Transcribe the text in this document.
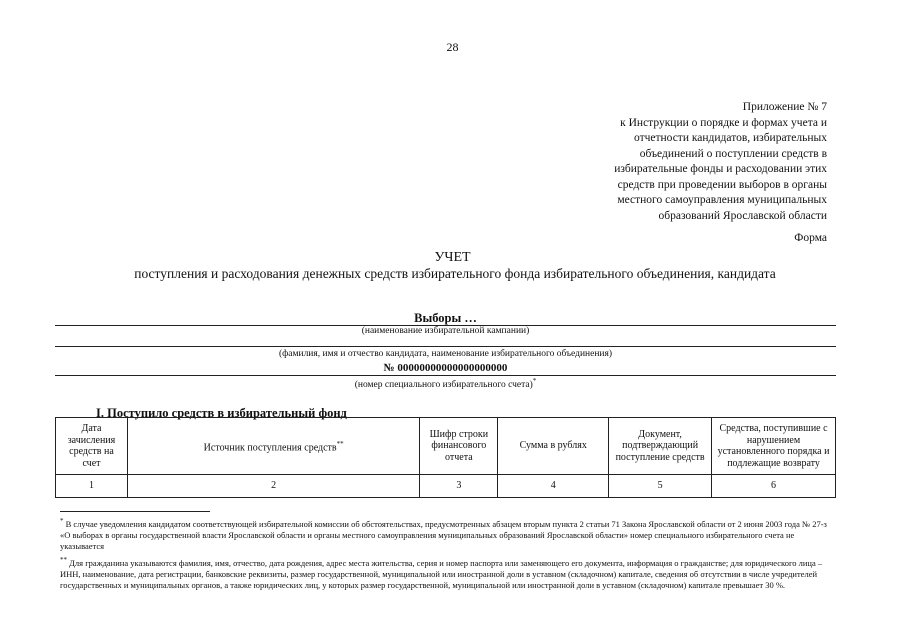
28
Приложение № 7
к Инструкции о порядке и формах учета и
отчетности кандидатов, избирательных
объединений о поступлении средств в
избирательные фонды и расходовании этих
средств при проведении выборов в органы
местного самоуправления муниципальных
образований Ярославской области
Форма
УЧЕТ
поступления и расходования денежных средств избирательного фонда избирательного объединения, кандидата
Выборы …
(наименование избирательной кампании)
(фамилия, имя и отчество кандидата, наименование избирательного объединения)
№ 00000000000000000000
(номер специального избирательного счета)*
I. Поступило средств в избирательный фонд
Дата зачисления средств на счет	Источник поступления средств**	Шифр строки финансового отчета	Сумма в рублях	Документ, подтверждающий поступление средств	Средства, поступившие с нарушением установленного порядка и подлежащие возврату
1	2	3	4	5	6
* В случае уведомления кандидатом соответствующей избирательной комиссии об обстоятельствах, предусмотренных абзацем вторым пункта 2 статьи 71 Закона Ярославской области от 2 июня 2003 года № 27-з «О выборах в органы государственной власти Ярославской области и органы местного самоуправления муниципальных образований Ярославской области» номер специального избирательного счета не указывается
** Для гражданина указываются фамилия, имя, отчество, дата рождения, адрес места жительства, серия и номер паспорта или заменяющего его документа, информация о гражданстве; для юридического лица – ИНН, наименование, дата регистрации, банковские реквизиты, размер государственной, муниципальной или иностранной доли в уставном (складочном) капитале, сведения об отсутствии в числе учредителей государственных и муниципальных органов, а также юридических лиц, у которых размер государственной, муниципальной или иностранной доли в уставном (складочном) капитале превышает 30 %.
